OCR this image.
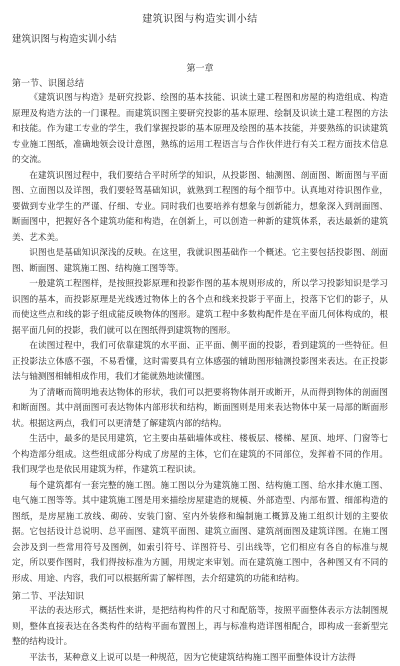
建筑识图与构造实训小结
建筑识图与构造实训小结
第一章
第一节、识图总结

《建筑识图与构造》是研究投影、绘图的基本技能、识读土建工程图和房屋的构造组成、构造原理及构造方法的一门课程。而建筑识图主要研究投影的基本原理、绘制及识读土建工程图的方法和技能。作为建工专业的学生，我们掌握投影的基本原理及绘图的基本技能，并要熟练的识读建筑专业施工图纸，准确地领会设计意图，熟练的运用工程语言与合作伙伴进行有关工程方面技术信息的交流。

在建筑识图过程中，我们要结合平时所学的知识，从投影图、轴测图、剖面图、断面图与平面图、立面图以及详图，我们要轻驾基础知识，就熟到工程图的每个细节中。认真地对待识图作业，要做到专业学生的严谨、仔细、专业。同时我们也要培养有想象与创新能力，想象深入到剖面图、断面图中，把握好各个建筑功能和构造，在创新上，可以创造一种新的建筑体系，表达最新的建筑美、艺术美。

识图也是基础知识深浅的反映。在这里，我就识图基础作一个概述。它主要包括投影图、剖面图、断面图、建筑施工图、结构施工图等等。

一般建筑工程图样，是按照投影原理和投影作图的基本规则形成的，所以学习投影知识是学习识图的基本，而投影原理是光线透过物体上的各个点和线来投影于平面上，投落下它们的影子，从而使这些点和线的影子组成能反映物体的图形。建筑工程中多数构配件是在平面几何体构成的，根据平面几何的投影，我们就可以在图纸得到建筑物的图形。

在读图过程中，我们可依靠建筑的水平面、正平面、侧平面的投影，看到建筑的一些特征。但正投影法立体感不强，不易看懂，这时需要具有立体感强的辅助图形轴测投影图来表达。在正投影法与轴测图相辅相成作用，我们才能就熟地读懂图。

为了清晰而简明地表达物体的形状，我们可以把要将物体剖开或断开，从而得到物体的剖面图和断面图。其中剖面图可表达物体内部形状和结构，断面图则是用来表达物体中某一局部的断面形状。根据这两点，我们可以更清楚了解建筑内部的结构。

生活中，最多的是民用建筑，它主要由基础墙体或柱、楼板层、楼梯、屋顶、地坪、门窗等七个构造部分组成。这些组成部分构成了房屋的主体，它们在建筑的不同部位，发挥着不同的作用。我们现学也是依民用建筑为样，作建筑工程识读。

每个建筑都有一套完整的施工图。施工图以分为建筑施工图、结构施工图、给水排水施工图、电气施工图等等。其中建筑施工图是用来描绘房屋建造的规模、外部造型、内部布置、细部构造的图纸，是房屋施工放线、砌砖、安装门窗、室内外装修和编制施工概算及施工组织计划的主要依据。它包括设计总说明、总平面图、建筑平面图、建筑立面图、建筑剖面图及建筑详图。在施工图会涉及到一些常用符号及图例，如索引符号、详图符号、引出线等，它们相应有各自的标准与规定，所以要作图时，我们得按标准为方圆，用规定来审划。而在建筑施工图中，各种图又有不同的形成、用途、内容，我们可以根据所需了解样图，去介绍建筑的功能和结构。

第二节、平法知识

平法的表达形式，概括性来讲，是把结构构件的尺寸和配筋等，按照平面整体表示方法制图规则，整体直接表达在各类构件的结构平面布置图上，再与标准构造详图相配合，即构成一套新型完整的结构设计。

平法书，某种意义上说可以是一种规范，因为它使建筑结构施工图平面整体设计方法得
